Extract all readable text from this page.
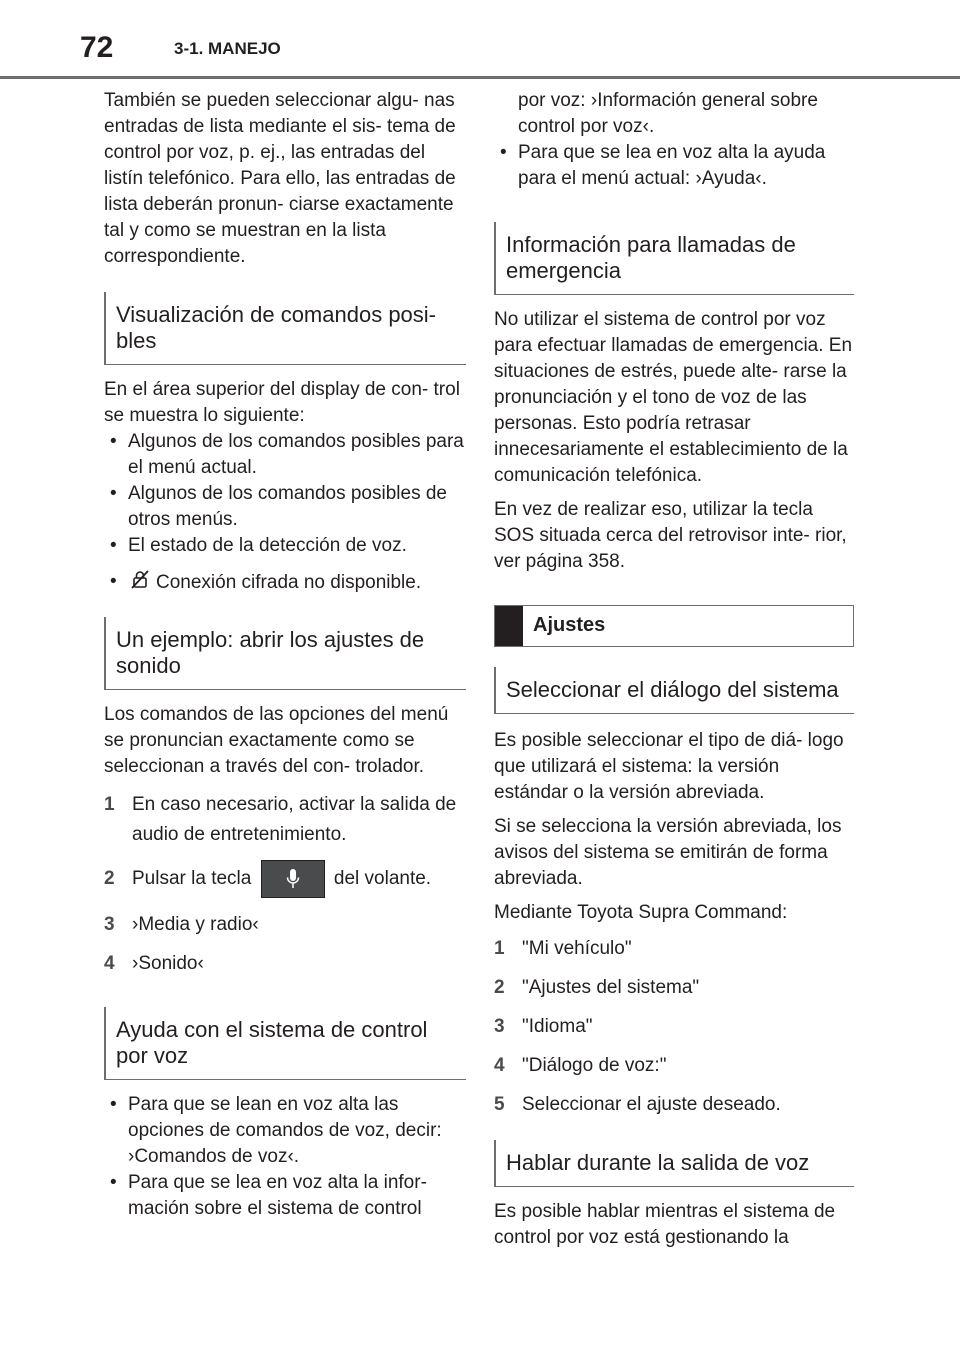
72	3-1. MANEJO

También se pueden seleccionar algu- nas entradas de lista mediante el sis- tema de control por voz, p. ej., las entradas del listín telefónico. Para ello, las entradas de lista deberán pronun- ciarse exactamente tal y como se muestran en la lista correspondiente.

Visualización de comandos posi- bles

En el área superior del display de con- trol se muestra lo siguiente:

• Algunos de los comandos posibles para el menú actual.
• Algunos de los comandos posibles de otros menús.
• El estado de la detección de voz.
• Conexión cifrada no disponible.
Un ejemplo: abrir los ajustes de sonido

Los comandos de las opciones del menú se pronuncian exactamente como se seleccionan a través del con- trolador.

1 En caso necesario, activar la salida de audio de entretenimiento.
2 Pulsar la tecla	del volante.
3 ›Media y radio‹
4 ›Sonido‹
Ayuda con el sistema de control por voz
• Para que se lean en voz alta las opciones de comandos de voz, decir: ›Comandos de voz‹.
• Para que se lea en voz alta la infor- mación sobre el sistema de control

por voz: ›Información general sobre control por voz‹.

• Para que se lea en voz alta la ayuda para el menú actual: ›Ayuda‹.
Información para llamadas de emergencia

No utilizar el sistema de control por voz para efectuar llamadas de emergencia. En situaciones de estrés, puede alte- rarse la pronunciación y el tono de voz de las personas. Esto podría retrasar innecesariamente el establecimiento de la comunicación telefónica.

En vez de realizar eso, utilizar la tecla SOS situada cerca del retrovisor inte- rior, ver página 358.

Ajustes
Seleccionar el diálogo del sistema

Es posible seleccionar el tipo de diá- logo que utilizará el sistema: la versión estándar o la versión abreviada.

Si se selecciona la versión abreviada, los avisos del sistema se emitirán de forma abreviada.

Mediante Toyota Supra Command:

1 "Mi vehículo"
2 "Ajustes del sistema"
3 "Idioma"
4 "Diálogo de voz:"
5 Seleccionar el ajuste deseado.
Hablar durante la salida de voz

Es posible hablar mientras el sistema de control por voz está gestionando la
